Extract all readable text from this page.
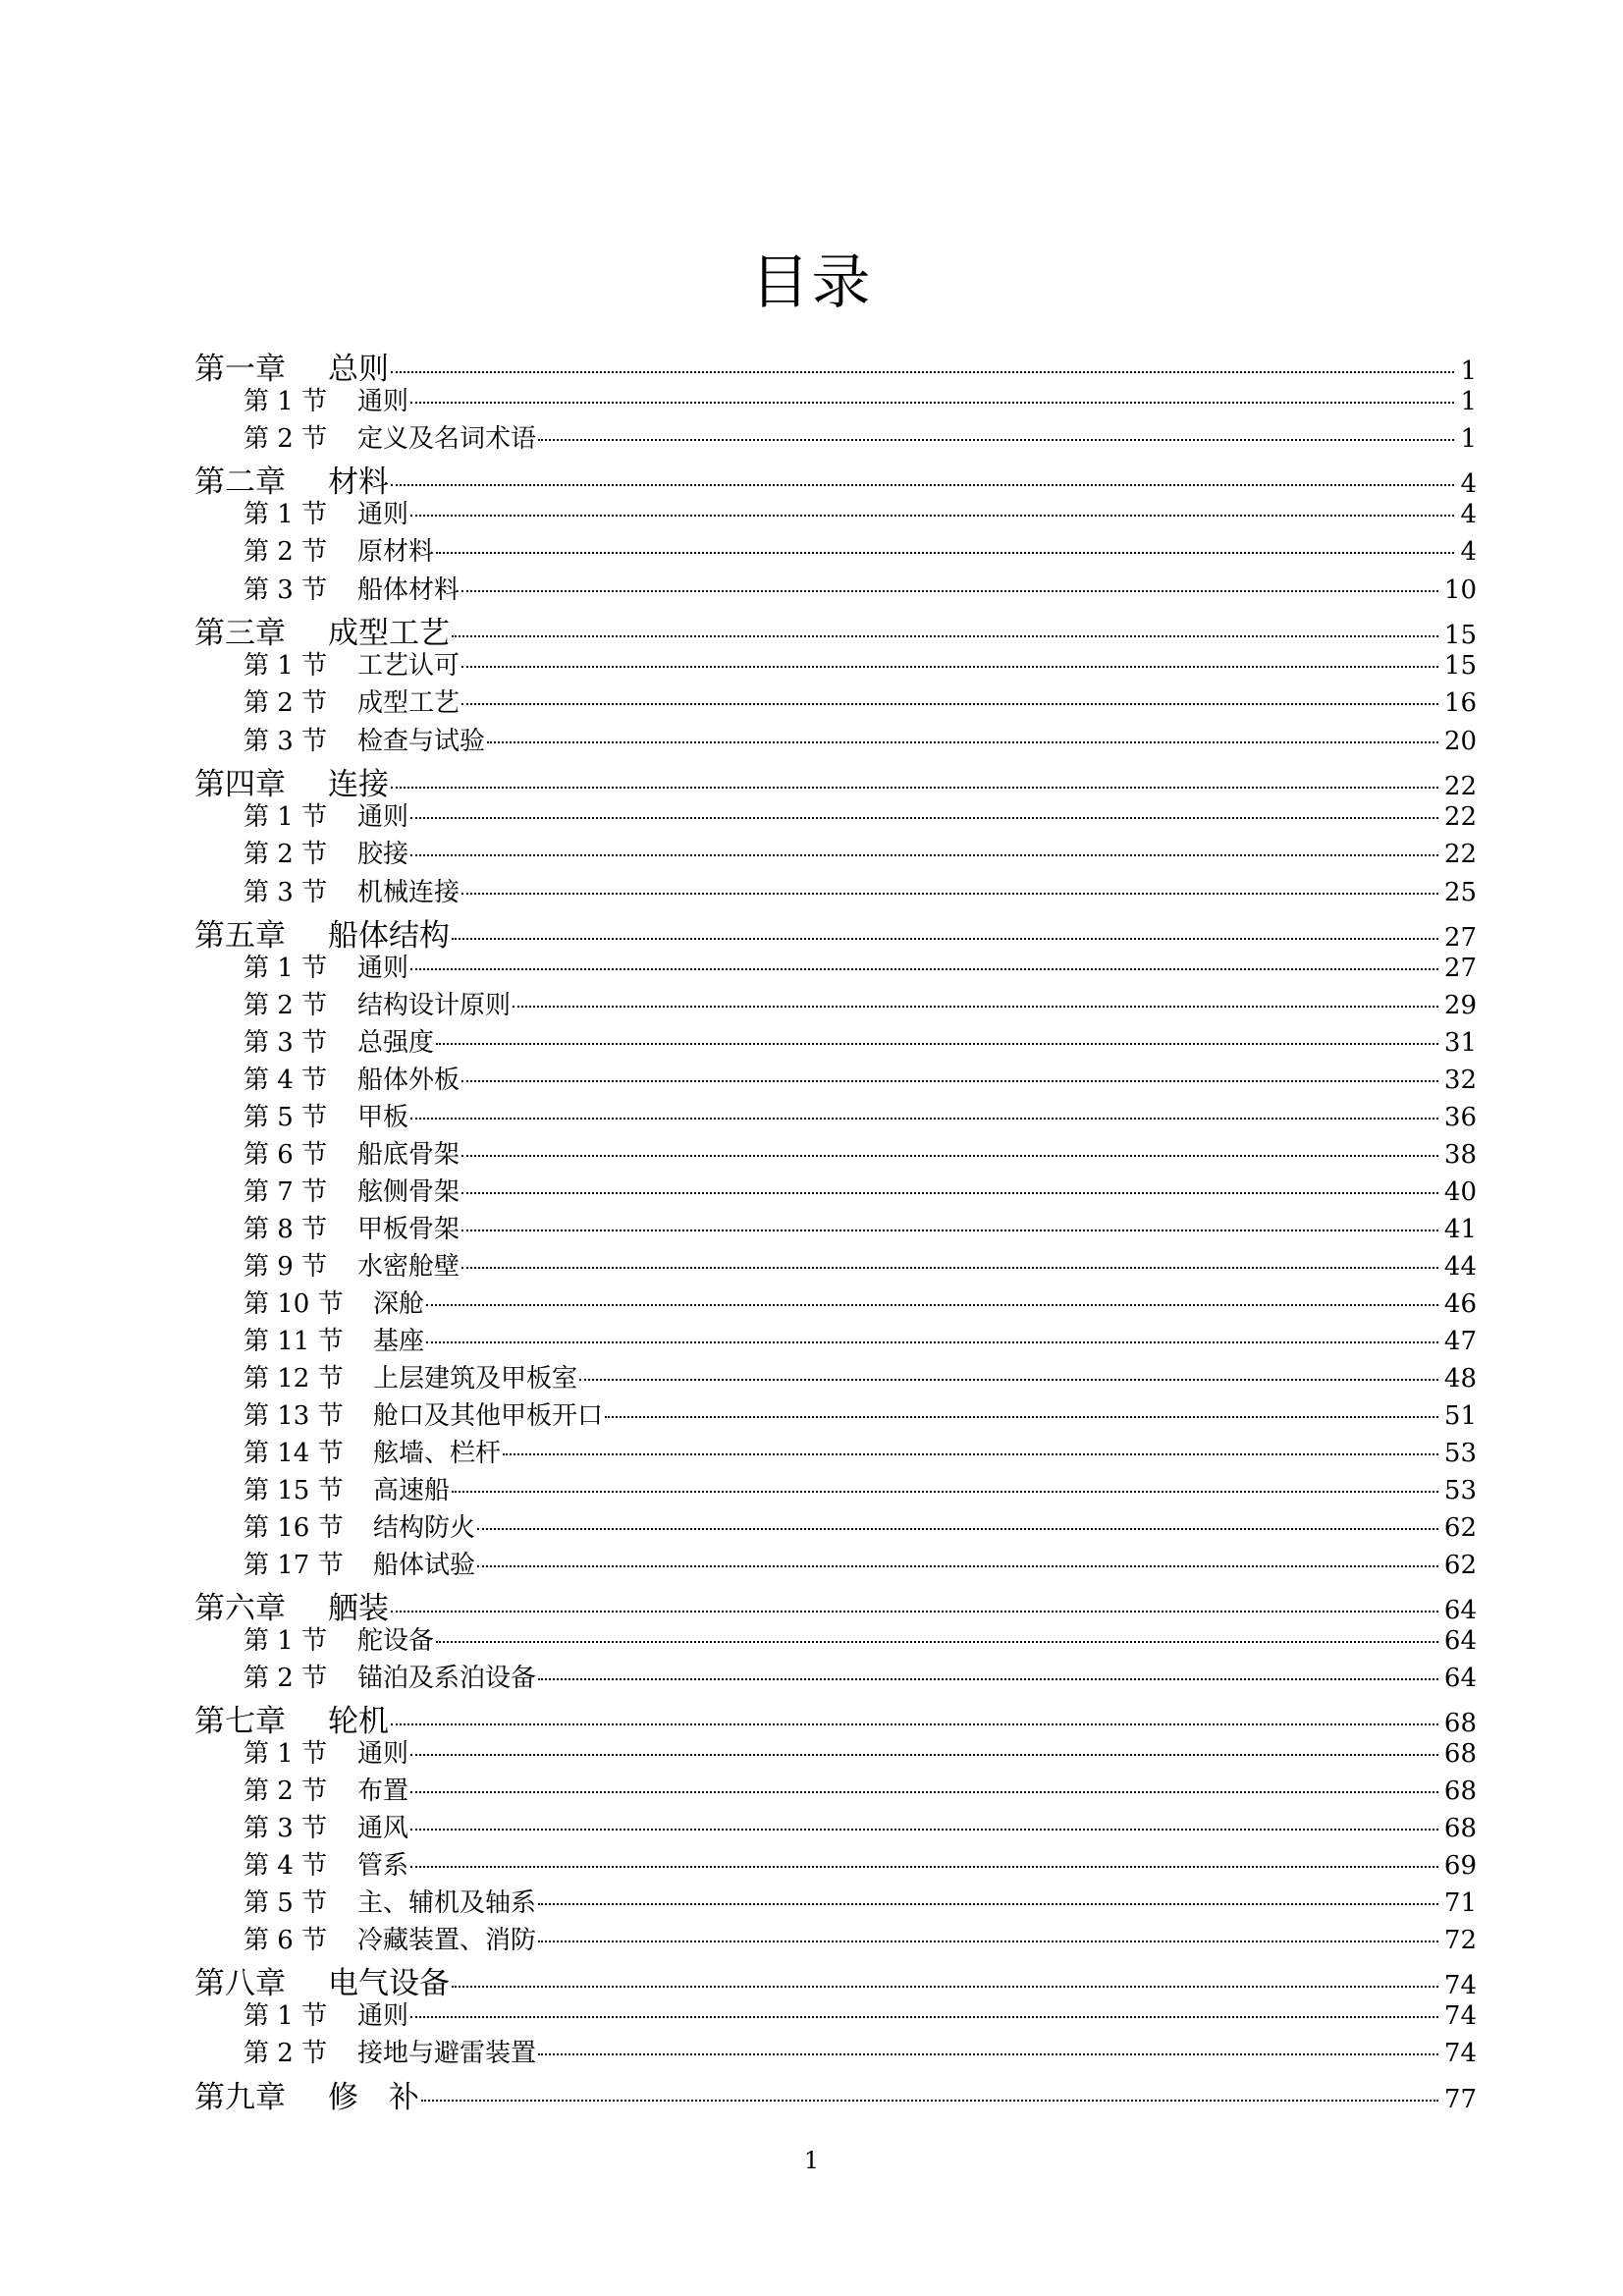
目录
第一章	总则	1
第 1 节	通则	1
第 2 节	定义及名词术语	1
第二章	材料	4
第 1 节	通则	4
第 2 节	原材料	4
第 3 节	船体材料	10
第三章	成型工艺	15
第 1 节	工艺认可	15
第 2 节	成型工艺	16
第 3 节	检查与试验	20
第四章	连接	22
第 1 节	通则	22
第 2 节	胶接	22
第 3 节	机械连接	25
第五章	船体结构	27
第 1 节	通则	27
第 2 节	结构设计原则	29
第 3 节	总强度	31
第 4 节	船体外板	32
第 5 节	甲板	36
第 6 节	船底骨架	38
第 7 节	舷侧骨架	40
第 8 节	甲板骨架	41
第 9 节	水密舱壁	44
第 10 节	深舱	46
第 11 节	基座	47
第 12 节	上层建筑及甲板室	48
第 13 节	舱口及其他甲板开口	51
第 14 节	舷墙、栏杆	53
第 15 节	高速船	53
第 16 节	结构防火	62
第 17 节	船体试验	62
第六章	舾装	64
第 1 节	舵设备	64
第 2 节	锚泊及系泊设备	64
第七章	轮机	68
第 1 节	通则	68
第 2 节	布置	68
第 3 节	通风	68
第 4 节	管系	69
第 5 节	主、辅机及轴系	71
第 6 节	冷藏装置、消防	72
第八章	电气设备	74
第 1 节	通则	74
第 2 节	接地与避雷装置	74
第九章	修　补	77
1
